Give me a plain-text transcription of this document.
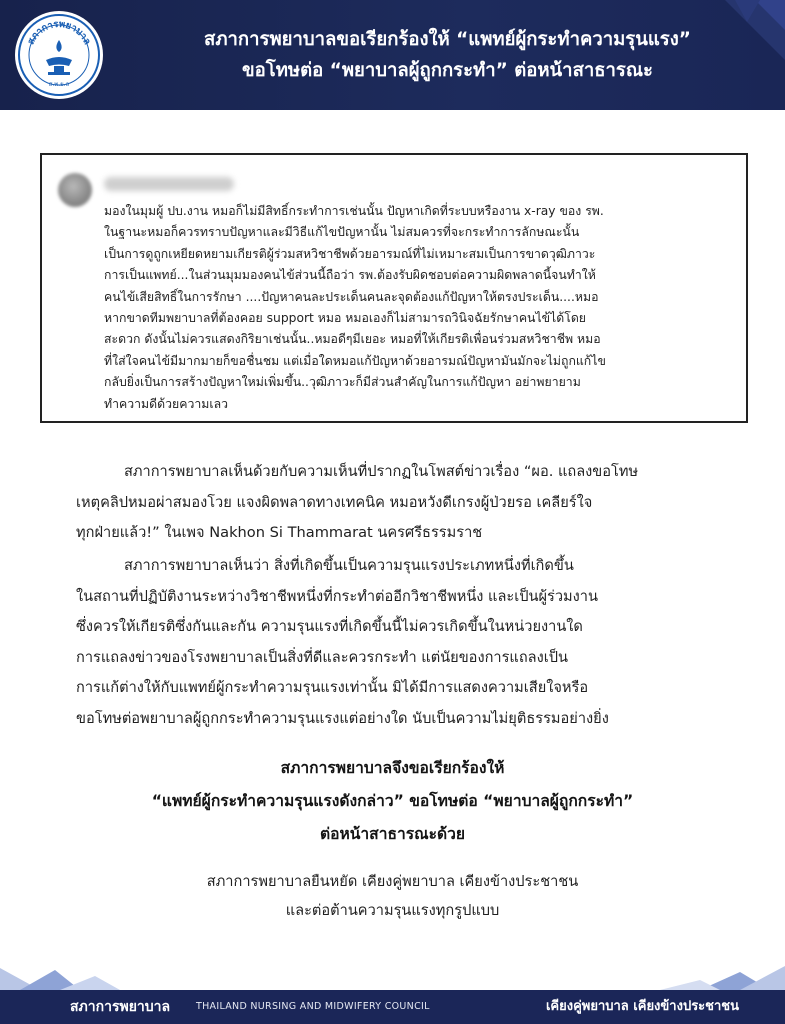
สภาการพยาบาล
ส.พ.ย.ล
สภาการพยาบาลขอเรียกร้องให้ “แพทย์ผู้กระทำความรุนแรง”
ขอโทษต่อ “พยาบาลผู้ถูกกระทำ” ต่อหน้าสาธารณะ
มองในมุมผู้ ปบ.งาน หมอก็ไม่มีสิทธิ์กระทำการเช่นนั้น ปัญหาเกิดที่ระบบหรืองาน x-ray ของ รพ.
ในฐานะหมอก็ควรทราบปัญหาและมีวิธีแก้ไขปัญหานั้น ไม่สมควรที่จะกระทำการลักษณะนั้น
เป็นการดูถูกเหยียดหยามเกียรติผู้ร่วมสหวิชาชีพด้วยอารมณ์ที่ไม่เหมาะสมเป็นการขาดวุฒิภาวะ
การเป็นแพทย์...ในส่วนมุมมองคนไข้ส่วนนี้ถือว่า รพ.ต้องรับผิดชอบต่อความผิดพลาดนี้จนทำให้
คนไข้เสียสิทธิ์ในการรักษา ....ปัญหาคนละประเด็นคนละจุดต้องแก้ปัญหาให้ตรงประเด็น....หมอ
หากขาดทีมพยาบาลที่ต้องคอย support หมอ หมอเองก็ไม่สามารถวินิจฉัยรักษาคนไข้ได้โดย
สะดวก ดังนั้นไม่ควรแสดงกิริยาเช่นนั้น..หมอดีๆมีเยอะ หมอที่ให้เกียรติเพื่อนร่วมสหวิชาชีพ หมอ
ที่ใส่ใจคนไข้มีมากมายก็ขอชื่นชม แต่เมื่อใดหมอแก้ปัญหาด้วยอารมณ์ปัญหามันมักจะไม่ถูกแก้ไข
กลับยิ่งเป็นการสร้างปัญหาใหม่เพิ่มขึ้น..วุฒิภาวะก็มีส่วนสำคัญในการแก้ปัญหา อย่าพยายาม
ทำความดีด้วยความเลว
สภาการพยาบาลเห็นด้วยกับความเห็นที่ปรากฏในโพสต์ข่าวเรื่อง “ผอ. แถลงขอโทษ
เหตุคลิปหมอผ่าสมองโวย แจงผิดพลาดทางเทคนิค หมอหวังดีเกรงผู้ป่วยรอ เคลียร์ใจ
ทุกฝ่ายแล้ว!” ในเพจ Nakhon Si Thammarat นครศรีธรรมราช
สภาการพยาบาลเห็นว่า สิ่งที่เกิดขึ้นเป็นความรุนแรงประเภทหนึ่งที่เกิดขึ้น
ในสถานที่ปฏิบัติงานระหว่างวิชาชีพหนึ่งที่กระทำต่ออีกวิชาชีพหนึ่ง และเป็นผู้ร่วมงาน
ซึ่งควรให้เกียรติซึ่งกันและกัน ความรุนแรงที่เกิดขึ้นนี้ไม่ควรเกิดขึ้นในหน่วยงานใด
การแถลงข่าวของโรงพยาบาลเป็นสิ่งที่ดีและควรกระทำ แต่นัยของการแถลงเป็น
การแก้ต่างให้กับแพทย์ผู้กระทำความรุนแรงเท่านั้น มิได้มีการแสดงความเสียใจหรือ
ขอโทษต่อพยาบาลผู้ถูกกระทำความรุนแรงแต่อย่างใด นับเป็นความไม่ยุติธรรมอย่างยิ่ง
สภาการพยาบาลจึงขอเรียกร้องให้
“แพทย์ผู้กระทำความรุนแรงดังกล่าว” ขอโทษต่อ “พยาบาลผู้ถูกกระทำ”
ต่อหน้าสาธารณะด้วย
สภาการพยาบาลยืนหยัด เคียงคู่พยาบาล เคียงข้างประชาชน
และต่อต้านความรุนแรงทุกรูปแบบ
สภาการพยาบาล	THAILAND NURSING AND MIDWIFERY COUNCIL	เคียงคู่พยาบาล เคียงข้างประชาชน
